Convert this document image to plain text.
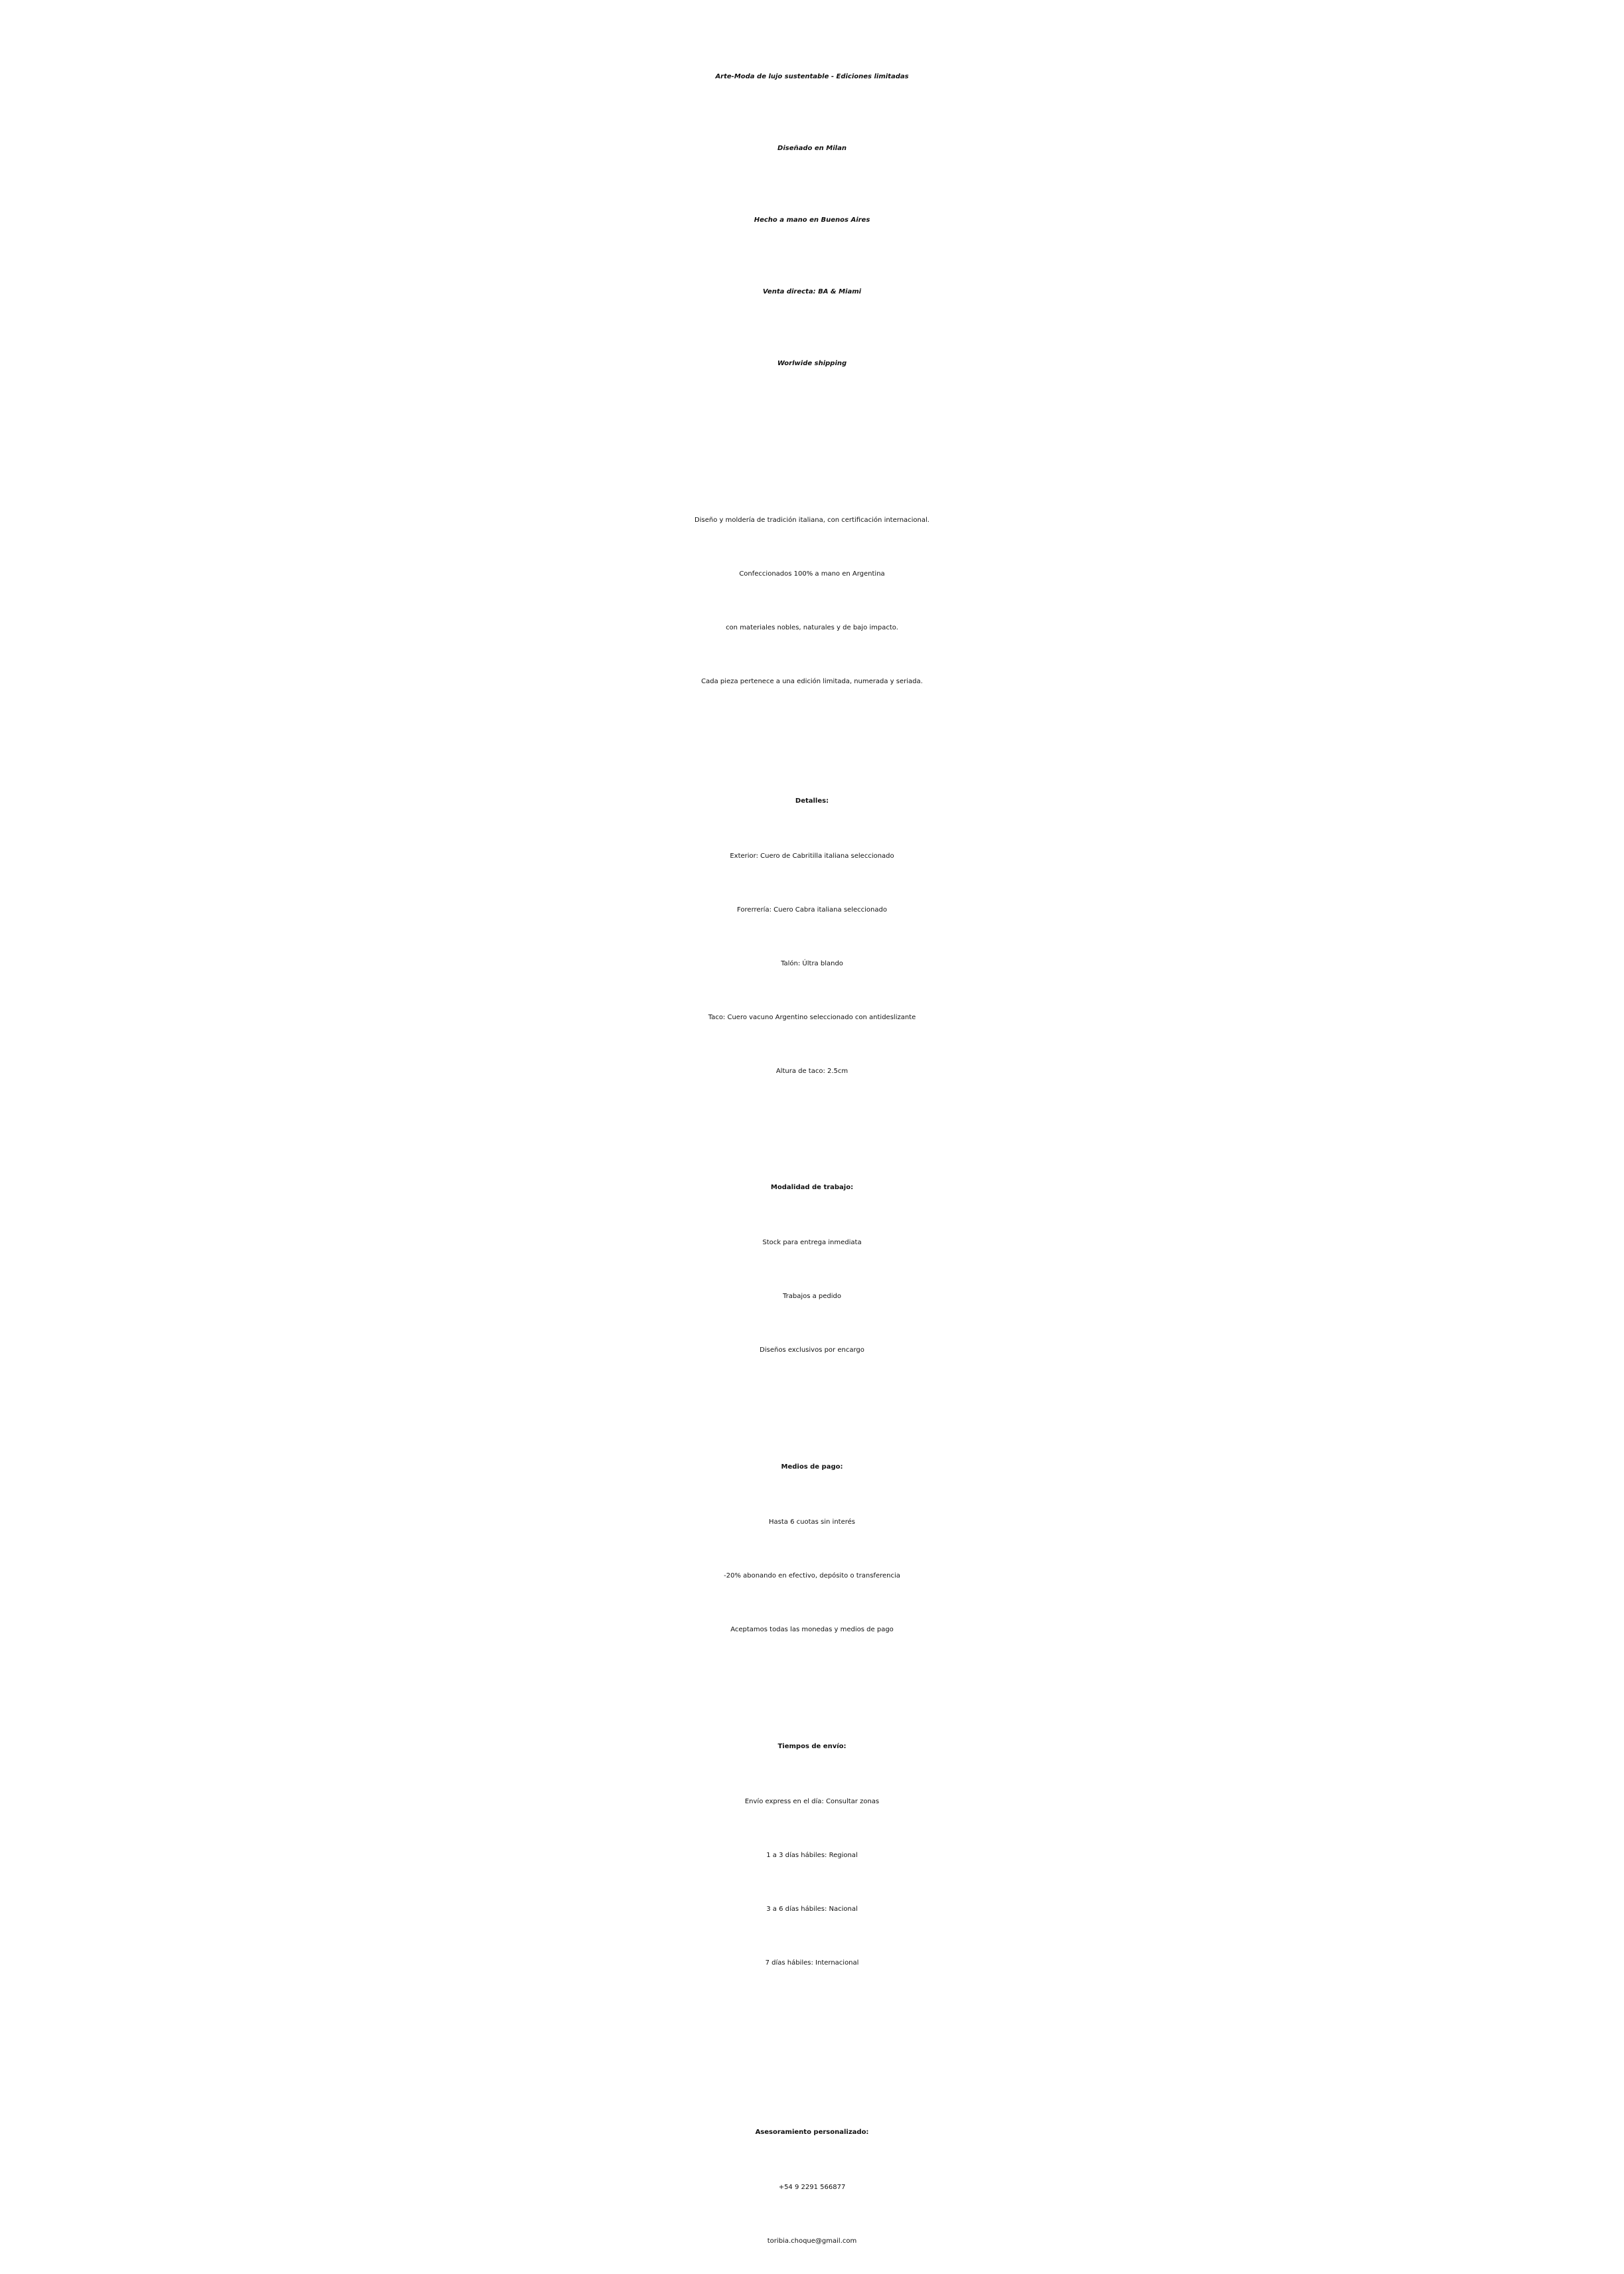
Arte-Moda de lujo sustentable - Ediciones limitadas
Diseñado en Milan
Hecho a mano en Buenos Aires
Venta directa: BA & Miami
Worlwide shipping
Diseño y moldería de tradición italiana, con certificación internacional.
Confeccionados 100% a mano en Argentina
con materiales nobles, naturales y de bajo impacto.
Cada pieza pertenece a una edición limitada, numerada y seriada.
Detalles:
Exterior: Cuero de Cabritilla italiana seleccionado
Forerrería: Cuero Cabra italiana seleccionado
Talón: Últra blando
Taco: Cuero vacuno Argentino seleccionado con antideslizante
Altura de taco: 2.5cm
Modalidad de trabajo:
Stock para entrega inmediata
Trabajos a pedido
Diseños exclusivos por encargo
Medios de pago:
Hasta 6 cuotas sin interés
-20% abonando en efectivo, depósito o transferencia
Aceptamos todas las monedas y medios de pago
Tiempos de envío:
Envío express en el día: Consultar zonas
1 a 3 días hábiles: Regional
3 a 6 días hábiles: Nacional
7 días hábiles: Internacional
Asesoramiento personalizado:
+54 9 2291 566877
toribia.choque@gmail.com
